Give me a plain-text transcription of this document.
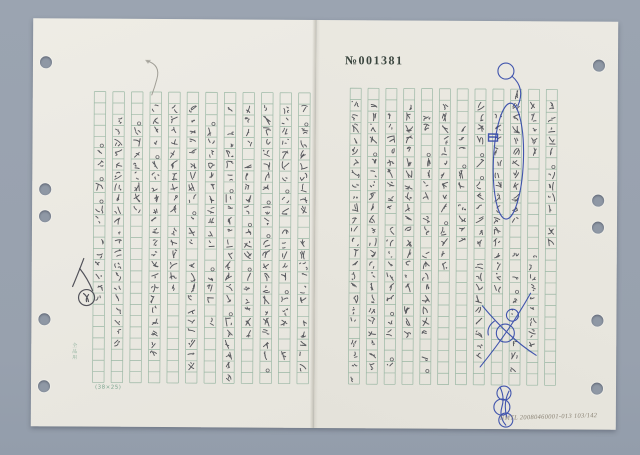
(38×25)
全品用
№001381
NMTL 20080460001-013 103/142
